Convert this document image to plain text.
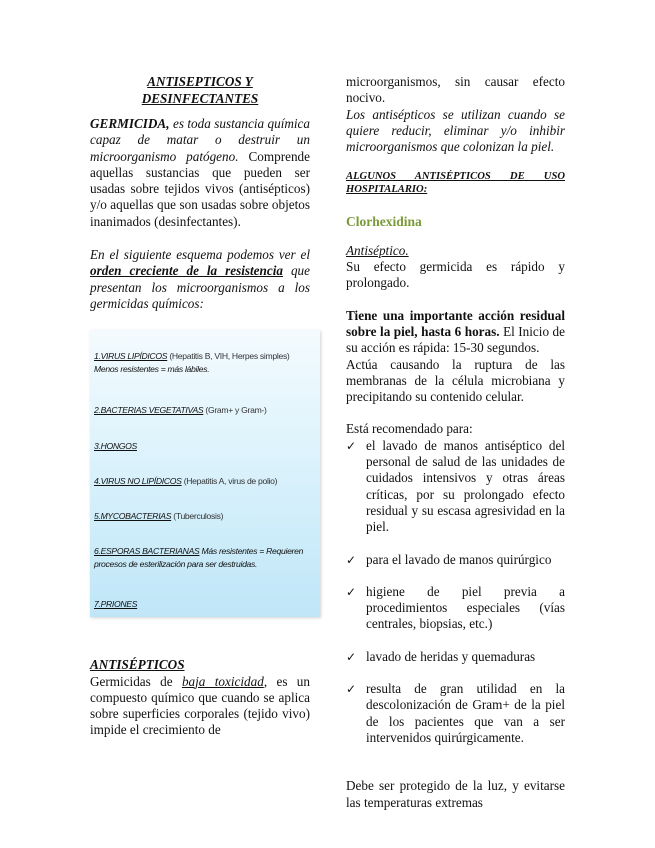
ANTISEPTICOS Y DESINFECTANTES

GERMICIDA, es toda sustancia química capaz de matar o destruir un microorganismo patógeno. Comprende aquellas sustancias que pueden ser usadas sobre tejidos vivos (antisépticos) y/o aquellas que son usadas sobre objetos inanimados (desinfectantes).

En el siguiente esquema podemos ver el orden creciente de la resistencia que presentan los microorganismos a los germicidas químicos:

1.VIRUS LIPÍDICOS (Hepatitis B, VIH, Herpes simples) Menos resistentes = más lábiles.
2.BACTERIAS VEGETATIVAS (Gram+ y Gram-)
3.HONGOS
4.VIRUS NO LIPÍDICOS (Hepatitis A, virus de polio)
5.MYCOBACTERIAS (Tuberculosis)
6.ESPORAS BACTERIANAS Más resistentes = Requieren procesos de esterilización para ser destruidas.
7.PRIONES

ANTISÉPTICOS

Germicidas de baja toxicidad, es un compuesto químico que cuando se aplica sobre superficies corporales (tejido vivo) impide el crecimiento de

microorganismos, sin causar efecto nocivo.

Los antisépticos se utilizan cuando se quiere reducir, eliminar y/o inhibir microorganismos que colonizan la piel.

ALGUNOS ANTISÉPTICOS DE USO HOSPITALARIO:

Clorhexidina

Antiséptico.

Su efecto germicida es rápido y prolongado.

Tiene una importante acción residual sobre la piel, hasta 6 horas. El Inicio de su acción es rápida: 15-30 segundos.

Actúa causando la ruptura de las membranas de la célula microbiana y precipitando su contenido celular.

Está recomendado para:

✓ el lavado de manos antiséptico del personal de salud de las unidades de cuidados intensivos y otras áreas críticas, por su prolongado efecto residual y su escasa agresividad en la piel.
✓ para el lavado de manos quirúrgico
✓ higiene de piel previa a procedimientos especiales (vías centrales, biopsias, etc.)
✓ lavado de heridas y quemaduras
✓ resulta de gran utilidad en la descolonización de Gram+ de la piel de los pacientes que van a ser intervenidos quirúrgicamente.

Debe ser protegido de la luz, y evitarse las temperaturas extremas
